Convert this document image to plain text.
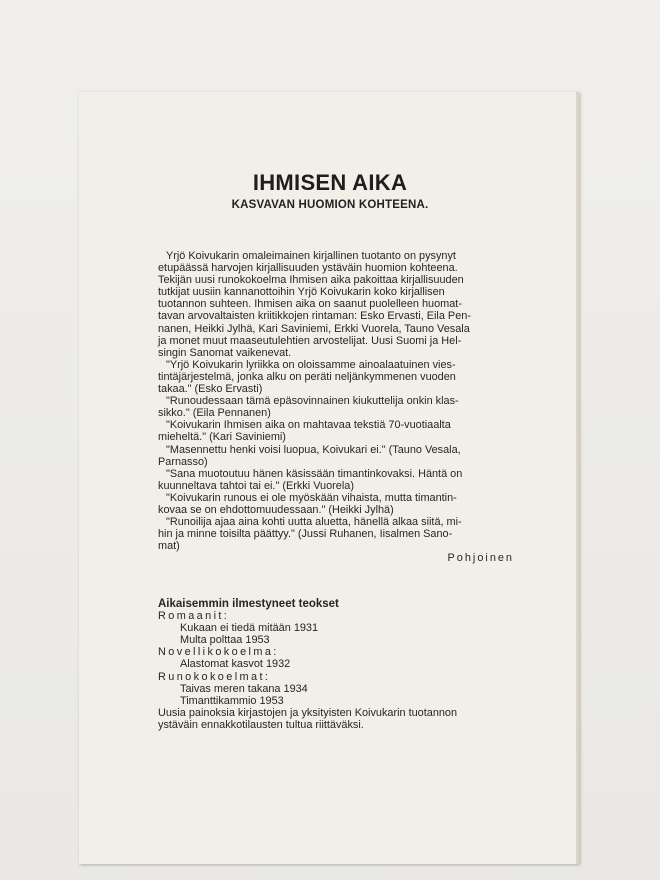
IHMISEN AIKA
KASVAVAN HUOMION KOHTEENA.
Yrjö Koivukarin omaleimainen kirjallinen tuotanto on pysynyt
etupäässä harvojen kirjallisuuden ystäväin huomion kohteena.
Tekijän uusi runokokoelma Ihmisen aika pakoittaa kirjallisuuden
tutkijat uusiin kannanottoihin Yrjö Koivukarin koko kirjallisen
tuotannon suhteen. Ihmisen aika on saanut puolelleen huomat-
tavan arvovaltaisten kriitikkojen rintaman: Esko Ervasti, Eila Pen-
nanen, Heikki Jylhä, Kari Saviniemi, Erkki Vuorela, Tauno Vesala
ja monet muut maaseutulehtien arvostelijat. Uusi Suomi ja Hel-
singin Sanomat vaikenevat.
"Yrjö Koivukarin lyriikka on oloissamme ainoalaatuinen vies-
tintäjärjestelmä, jonka alku on peräti neljänkymmenen vuoden
takaa." (Esko Ervasti)
"Runoudessaan tämä epäsovinnainen kiukuttelija onkin klas-
sikko." (Eila Pennanen)
"Koivukarin Ihmisen aika on mahtavaa tekstiä 70-vuotiaalta
mieheltä." (Kari Saviniemi)
"Masennettu henki voisi luopua, Koivukari ei." (Tauno Vesala,
Parnasso)
"Sana muotoutuu hänen käsissään timantinkovaksi. Häntä on
kuunneltava tahtoi tai ei." (Erkki Vuorela)
"Koivukarin runous ei ole myöskään vihaista, mutta timantin-
kovaa se on ehdottomuudessaan." (Heikki Jylhä)
"Runoilija ajaa aina kohti uutta aluetta, hänellä alkaa siitä, mi-
hin ja minne toisilta päättyy." (Jussi Ruhanen, Iisalmen Sano-
mat)
Pohjoinen
Aikaisemmin ilmestyneet teokset
Romaanit:
Kukaan ei tiedä mitään 1931
Multa polttaa 1953
Novellikokoelma:
Alastomat kasvot 1932
Runokokoelmat:
Taivas meren takana 1934
Timanttikammio 1953
Uusia painoksia kirjastojen ja yksityisten Koivukarin tuotannon
ystäväin ennakkotilausten tultua riittäväksi.
